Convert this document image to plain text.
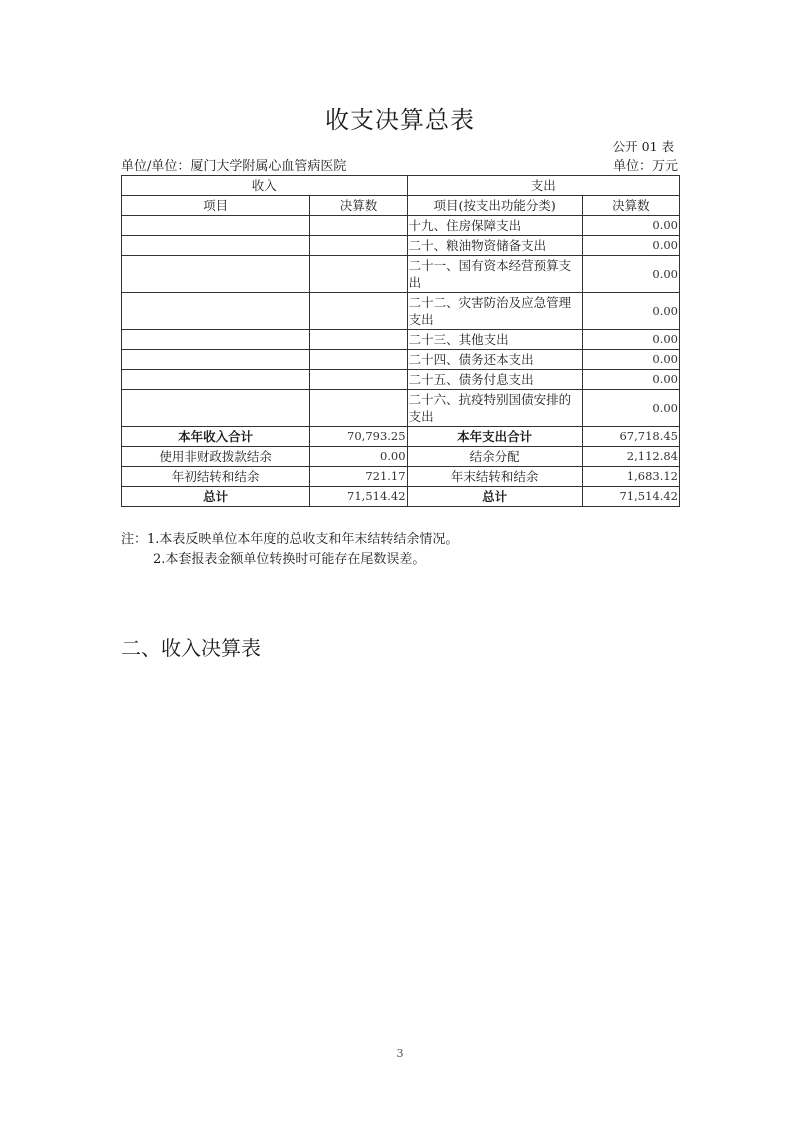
收支决算总表
公开 01 表
单位/单位：厦门大学附属心血管病医院	单位：万元
收入		支出	
项目	决算数	项目(按支出功能分类)	决算数
		十九、住房保障支出	0.00
		二十、粮油物资储备支出	0.00
		二十一、国有资本经营预算支出	0.00
		二十二、灾害防治及应急管理支出	0.00
		二十三、其他支出	0.00
		二十四、债务还本支出	0.00
		二十五、债务付息支出	0.00
		二十六、抗疫特别国债安排的支出	0.00
本年收入合计	70,793.25	本年支出合计	67,718.45
使用非财政拨款结余	0.00	结余分配	2,112.84
年初结转和结余	721.17	年末结转和结余	1,683.12
总计	71,514.42	总计	71,514.42
注：1.本表反映单位本年度的总收支和年末结转结余情况。
2.本套报表金额单位转换时可能存在尾数误差。
二、收入决算表
3
